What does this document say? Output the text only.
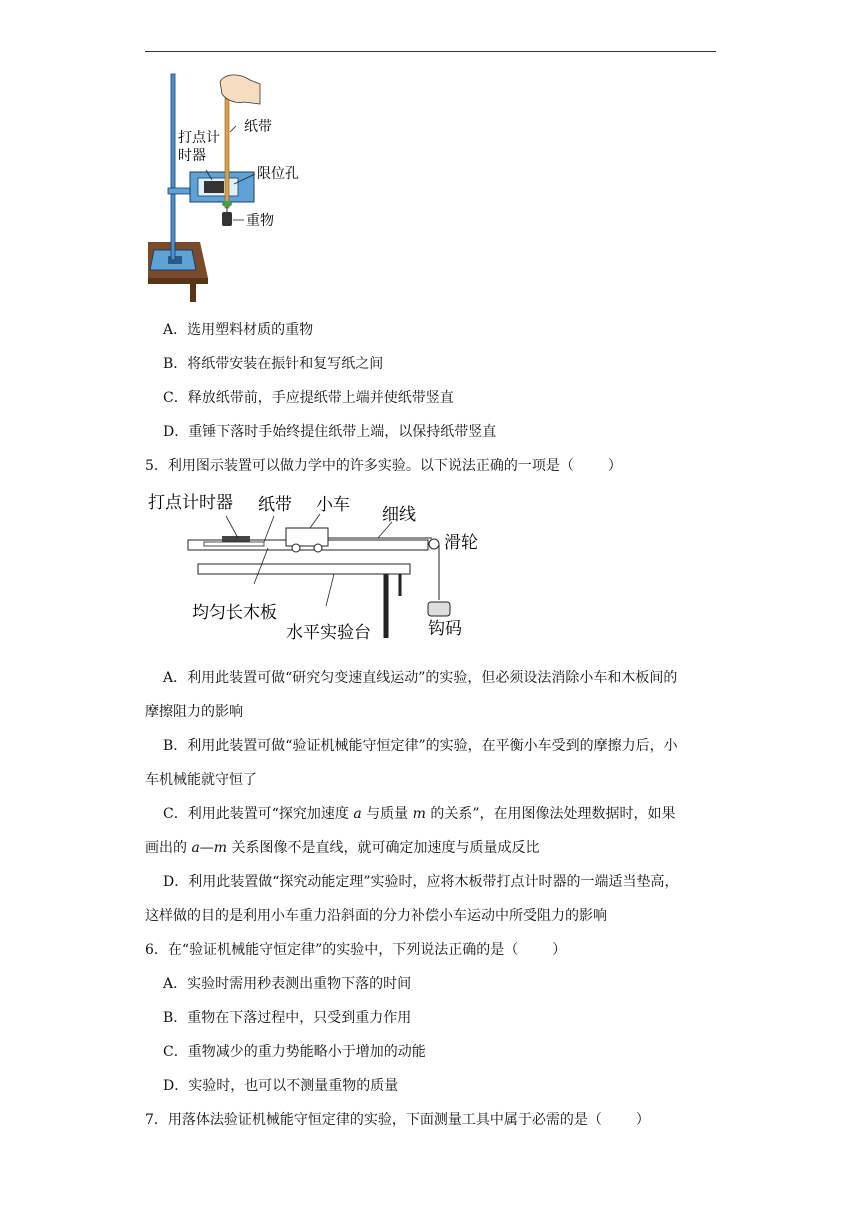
打点计
时器
纸带
限位孔
重物
A．选用塑料材质的重物
B．将纸带安装在振针和复写纸之间
C．释放纸带前，手应提纸带上端并使纸带竖直
D．重锤下落时手始终提住纸带上端，以保持纸带竖直
5．利用图示装置可以做力学中的许多实验。以下说法正确的一项是（ ）
打点计时器 纸带 小车 细线
滑轮
均匀长木板
水平实验台	钩码
A．利用此装置可做“研究匀变速直线运动”的实验，但必须设法消除小车和木板间的
摩擦阻力的影响
B．利用此装置可做“验证机械能守恒定律”的实验，在平衡小车受到的摩擦力后，小
车机械能就守恒了
C．利用此装置可“探究加速度 a 与质量 m 的关系”，在用图像法处理数据时，如果
画出的 a—m 关系图像不是直线，就可确定加速度与质量成反比
D．利用此装置做“探究动能定理”实验时，应将木板带打点计时器的一端适当垫高，
这样做的目的是利用小车重力沿斜面的分力补偿小车运动中所受阻力的影响
6．在“验证机械能守恒定律”的实验中，下列说法正确的是（ ）
A．实验时需用秒表测出重物下落的时间
B．重物在下落过程中，只受到重力作用
C．重物减少的重力势能略小于增加的动能
D．实验时，也可以不测量重物的质量
7．用落体法验证机械能守恒定律的实验，下面测量工具中属于必需的是（ ）
